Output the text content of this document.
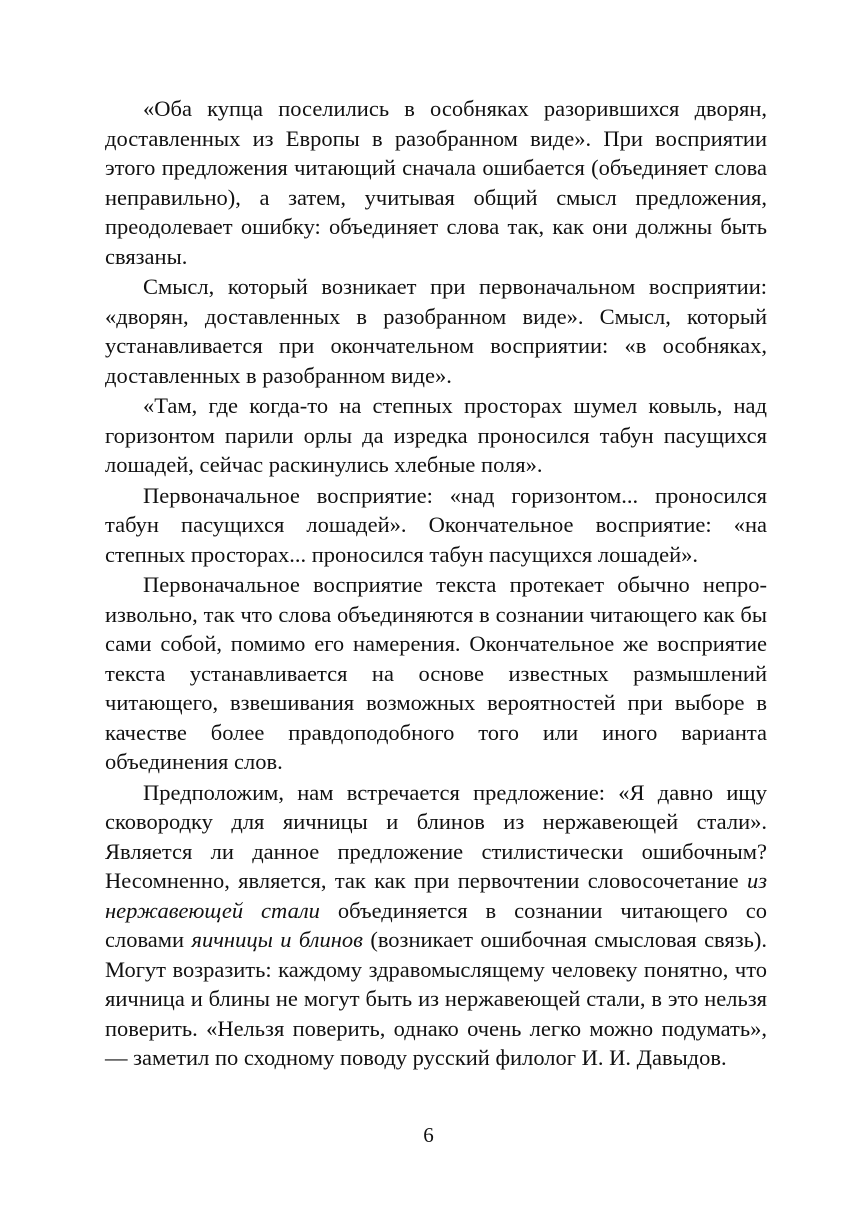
«Оба купца поселились в особняках разорившихся дворян, доставленных из Европы в разобранном виде». При восприятии этого предложения читающий сначала ошибается (объединяет слова неправильно), а затем, учитывая общий смысл предложения, преодолевает ошибку: объединяет слова так, как они должны быть связаны.

Смысл, который возникает при первоначальном восприятии: «дворян, доставленных в разобранном виде». Смысл, который устанавливается при окончательном восприятии: «в особняках, доставленных в разобранном виде».

«Там, где когда-то на степных просторах шумел ковыль, над горизонтом парили орлы да изредка проносился табун пасущихся лошадей, сейчас раскинулись хлебные поля».

Первоначальное восприятие: «над горизонтом... проносился табун пасущихся лошадей». Окончательное восприятие: «на степных просторах... проносился табун пасущихся лошадей».

Первоначальное восприятие текста протекает обычно непроизвольно, так что слова объединяются в сознании читающего как бы сами собой, помимо его намерения. Окончательное же восприятие текста устанавливается на основе известных размышлений читающего, взвешивания возможных вероятностей при выборе в качестве более правдоподобного того или иного варианта объединения слов.

Предположим, нам встречается предложение: «Я давно ищу сковородку для яичницы и блинов из нержавеющей стали». Является ли данное предложение стилистически ошибочным? Несомненно, является, так как при первочтении словосочетание из нержавеющей стали объединяется в сознании читающего со словами яичницы и блинов (возникает ошибочная смысловая связь). Могут возразить: каждому здравомыслящему человеку понятно, что яичница и блины не могут быть из нержавеющей стали, в это нельзя поверить. «Нельзя поверить, однако очень легко можно подумать», — заметил по сходному поводу русский филолог И. И. Давыдов.

6
